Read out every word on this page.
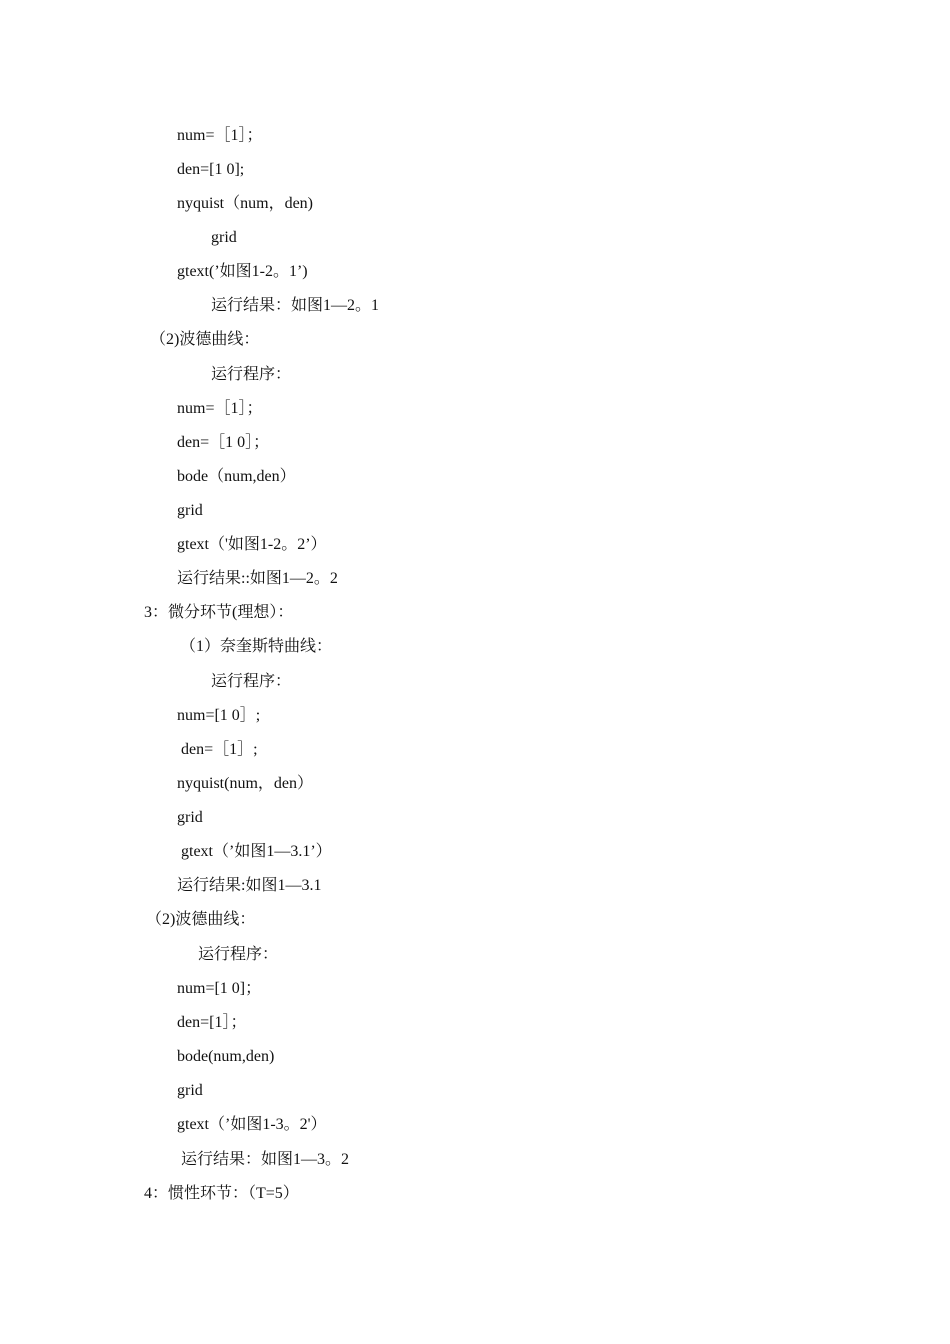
num=［1］；
den=[1 0];
nyquist（num，den)
grid
gtext(’如图1-2。1’)
运行结果：如图1—2。1
（2)波德曲线：
运行程序：
num=［1］；
den=［1 0］；
bode（num,den）
grid
gtext（'如图1-2。2’）
运行结果::如图1—2。2
3：微分环节(理想）：
（1）奈奎斯特曲线：
运行程序：
num=[1 0］;
den=［1］;
nyquist(num，den）
grid
gtext（’如图1—3.1’）
运行结果:如图1—3.1
（2)波德曲线：
运行程序：
num=[1 0]；
den=[1］；
bode(num,den)
grid
gtext（’如图1-3。2'）
运行结果：如图1—3。2
4：惯性环节：（T=5）
